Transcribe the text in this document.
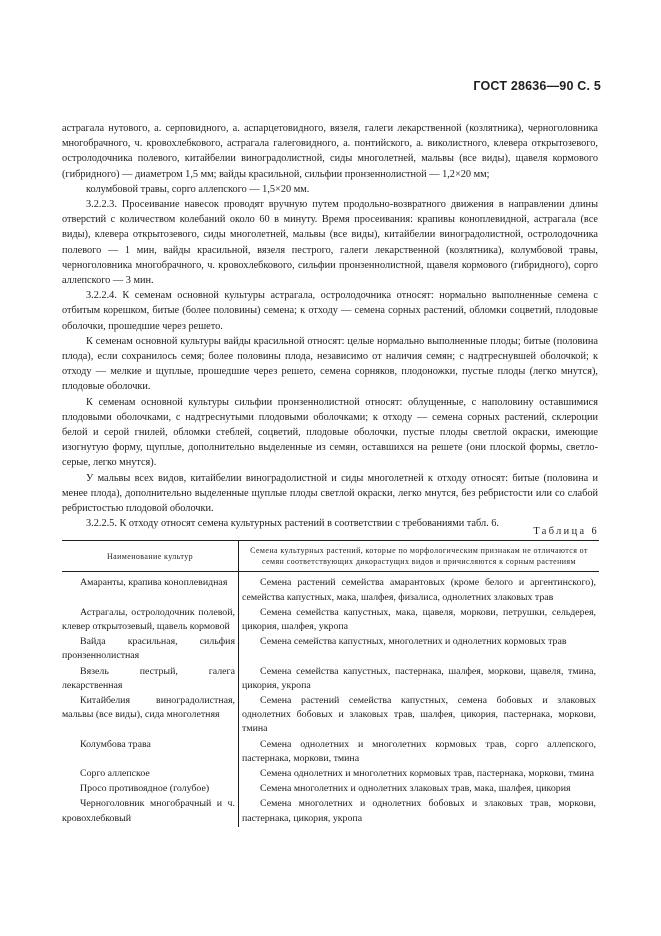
ГОСТ 28636—90 С. 5

астрагала нутового, а. серповидного, а. аспарцетовидного, вязеля, галеги лекарственной (козлятника), черноголовника многобрачного, ч. кровохлебкового, астрагала галеговидного, а. понтийского, а. виколистного, клевера открытозевого, остролодочника полевого, китайбелии виноградолистной, сиды многолетней, мальвы (все виды), щавеля кормового (гибридного) — диаметром 1,5 мм; вайды красильной, сильфии пронзеннолистной — 1,2×20 мм;

колумбовой травы, сорго аллепского — 1,5×20 мм.

3.2.2.3. Просеивание навесок проводят вручную путем продольно-возвратного движения в направлении длины отверстий с количеством колебаний около 60 в минуту. Время просеивания: крапивы коноплевидной, астрагала (все виды), клевера открытозевого, сиды многолетней, мальвы (все виды), китайбелии виноградолистной, остролодочника полевого — 1 мин, вайды красильной, вязеля пестрого, галеги лекарственной (козлятника), колумбовой травы, черноголовника многобрачного, ч. кровохлебкового, сильфии пронзеннолистной, щавеля кормового (гибридного), сорго аллепского — 3 мин.

3.2.2.4. К семенам основной культуры астрагала, остролодочника относят: нормально выполненные семена с отбитым корешком, битые (более половины) семена; к отходу — семена сорных растений, обломки соцветий, плодовые оболочки, прошедшие через решето.

К семенам основной культуры вайды красильной относят: целые нормально выполненные плоды; битые (половина плода), если сохранилось семя; более половины плода, независимо от наличия семян; с надтреснувшей оболочкой; к отходу — мелкие и щуплые, прошедшие через решето, семена сорняков, плодоножки, пустые плоды (легко мнутся), плодовые оболочки.

К семенам основной культуры сильфии пронзеннолистной относят: облущенные, с наполовину оставшимися плодовыми оболочками, с надтреснутыми плодовыми оболочками; к отходу — семена сорных растений, склероции белой и серой гнилей, обломки стеблей, соцветий, плодовые оболочки, пустые плоды светлой окраски, имеющие изогнутую форму, щуплые, дополнительно выделенные из семян, оставшихся на решете (они плоской формы, светло-серые, легко мнутся).

У мальвы всех видов, китайбелии виноградолистной и сиды многолетней к отходу относят: битые (половина и менее плода), дополнительно выделенные щуплые плоды светлой окраски, легко мнутся, без ребристости или со слабой ребристостью плодовой оболочки.

3.2.2.5. К отходу относят семена культурных растений в соответствии с требованиями табл. 6.

Таблица 6
Наименование культур	Семена культурных растений, которые по морфологическим признакам не отличаются от семян соответствующих дикорастущих видов и причисляются к сорным растениям

Амаранты, крапива коноплевидная	Семена растений семейства амарантовых (кроме белого и аргентинского), семейства капустных, мака, шалфея, физалиса, однолетних злаковых трав

Астрагалы, остролодочник полевой, клевер открытозевый, щавель кормовой	Семена семейства капустных, мака, щавеля, моркови, петрушки, сельдерея, цикория, шалфея, укропа

Вайда красильная, сильфия пронзеннолистная	Семена семейства капустных, многолетних и однолетних кормовых трав

Вязель пестрый, галега лекарственная	Семена семейства капустных, пастернака, шалфея, моркови, щавеля, тмина, цикория, укропа

Китайбелия виноградолистная, мальвы (все виды), сида многолетняя	Семена растений семейства капустных, семена бобовых и злаковых однолетних бобовых и злаковых трав, шалфея, цикория, пастернака, моркови, тмина

Колумбова трава	Семена однолетних и многолетних кормовых трав, сорго аллепского, пастернака, моркови, тмина

Сорго аллепское	Семена однолетних и многолетних кормовых трав, пастернака, моркови, тмина

Просо противоядное (голубое)	Семена многолетних и однолетних злаковых трав, мака, шалфея, цикория

Черноголовник многобрачный и ч. кровохлебковый	Семена многолетних и однолетних бобовых и злаковых трав, моркови, пастернака, цикория, укропа
